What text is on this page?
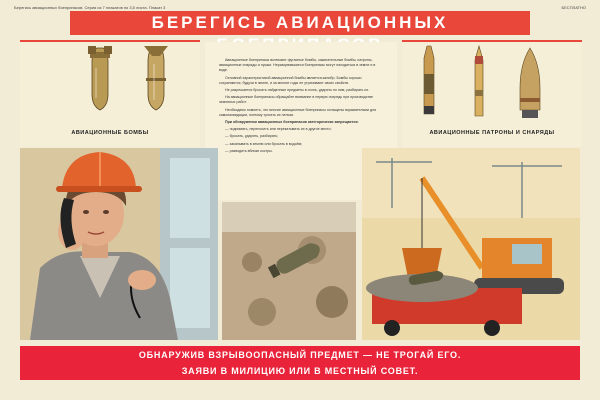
Берегись авиационных боеприпасов. Серия из 7 плакатов по 3,5 листа. Плакат 3	БЕСПЛАТНО
БЕРЕГИСЬ АВИАЦИОННЫХ
АВИАЦИОННЫЕ БОМБЫ	АВИАЦИОННЫЕ ПАТРОНЫ И СНАРЯДЫ

Авиационные боеприпасы включают фугасные бомбы, зажигательные бомбы, патроны, авиационные снаряды и пушки. Неразорвавшиеся боеприпасы могут находиться в земле и в воде.

Основной характеристикой авиационной бомбы является калибр. Бомбы хорошо сохраняются, будучи в земле, и за многие годы не утрачивают своих свойств.

Не разрешается бросать найденные предметы в огонь, ударять по ним, разбирать их.

На авиационные боеприпасы обращайте внимание в первую очередь при производстве земляных работ.

Необходимо помнить, что многие авиационные боеприпасы оснащены взрывателями для самоликвидации, поэтому трогать их нельзя.

При обнаружении авиационных боеприпасов категорически запрещается:

— поднимать, переносить или перекатывать их в другое место;

— бросать, ударять, разбирать;

— закапывать в землю или бросать в водоём;

— разводить вблизи костры.

ОБНАРУЖИВ ВЗРЫВООПАСНЫЙ ПРЕДМЕТ — НЕ ТРОГАЙ ЕГО.
ЗАЯВИ В МИЛИЦИЮ ИЛИ В МЕСТНЫЙ СОВЕТ.
